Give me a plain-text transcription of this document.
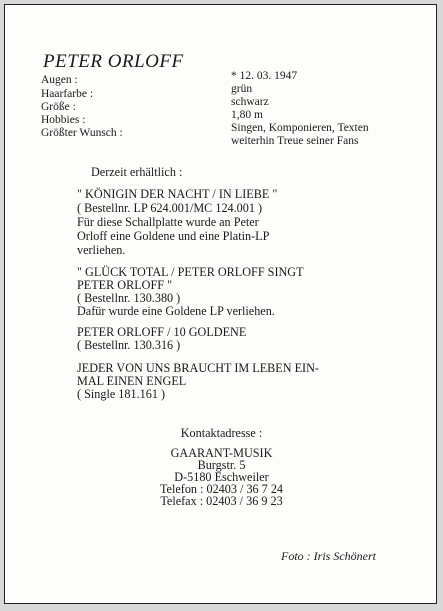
PETER ORLOFF
* 12. 03. 1947
Augen :
Haarfarbe :
Größe :
Hobbies :
Größter Wunsch :
grün
schwarz
1,80 m
Singen, Komponieren, Texten
weiterhin Treue seiner Fans
Derzeit erhältlich :
" KÖNIGIN DER NACHT / IN LIEBE "
( Bestellnr. LP 624.001/MC 124.001 )
Für diese Schallplatte wurde an Peter
Orloff eine Goldene und eine Platin-LP
verliehen.
" GLÜCK TOTAL / PETER ORLOFF SINGT
PETER ORLOFF "
( Bestellnr. 130.380 )
Dafür wurde eine Goldene LP verliehen.
PETER ORLOFF / 10 GOLDENE
( Bestellnr. 130.316 )
JEDER VON UNS BRAUCHT IM LEBEN EIN-
MAL EINEN ENGEL
( Single 181.161 )
Kontaktadresse :
GAARANT-MUSIK
Burgstr. 5
D-5180 Eschweiler
Telefon : 02403 / 36 7 24
Telefax : 02403 / 36 9 23
Foto : Iris Schönert
